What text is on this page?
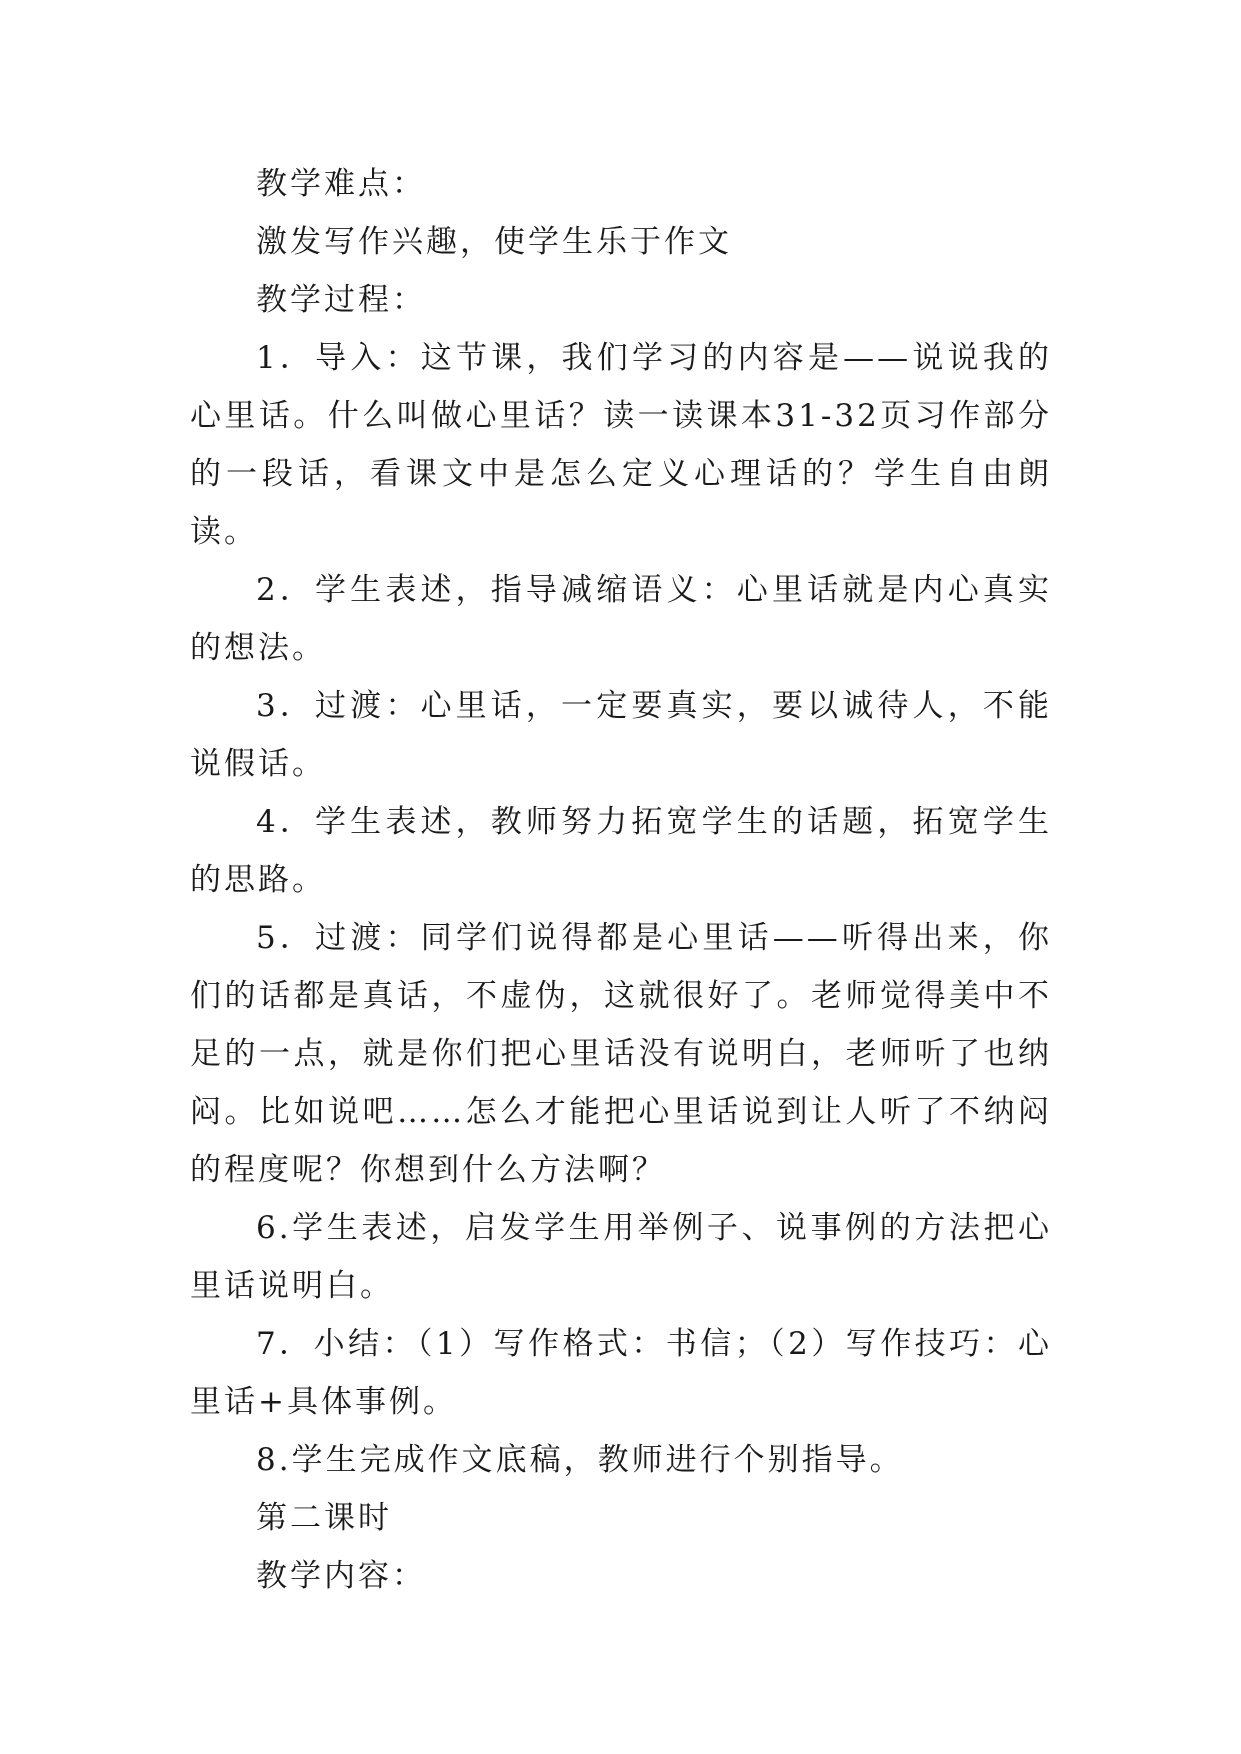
教学难点：

激发写作兴趣，使学生乐于作文

教学过程：

1．导入：这节课，我们学习的内容是——说说我的心里话。什么叫做心里话？读一读课本31-32页习作部分的一段话，看课文中是怎么定义心理话的？学生自由朗读。

2．学生表述，指导减缩语义：心里话就是内心真实的想法。

3．过渡：心里话，一定要真实，要以诚待人，不能说假话。

4．学生表述，教师努力拓宽学生的话题，拓宽学生的思路。

5．过渡：同学们说得都是心里话——听得出来，你们的话都是真话，不虚伪，这就很好了。老师觉得美中不足的一点，就是你们把心里话没有说明白，老师听了也纳闷。比如说吧……怎么才能把心里话说到让人听了不纳闷的程度呢？你想到什么方法啊？

6.学生表述，启发学生用举例子、说事例的方法把心里话说明白。

7．小结：（1）写作格式：书信；（2）写作技巧：心里话+具体事例。

8.学生完成作文底稿，教师进行个别指导。

第二课时

教学内容：
